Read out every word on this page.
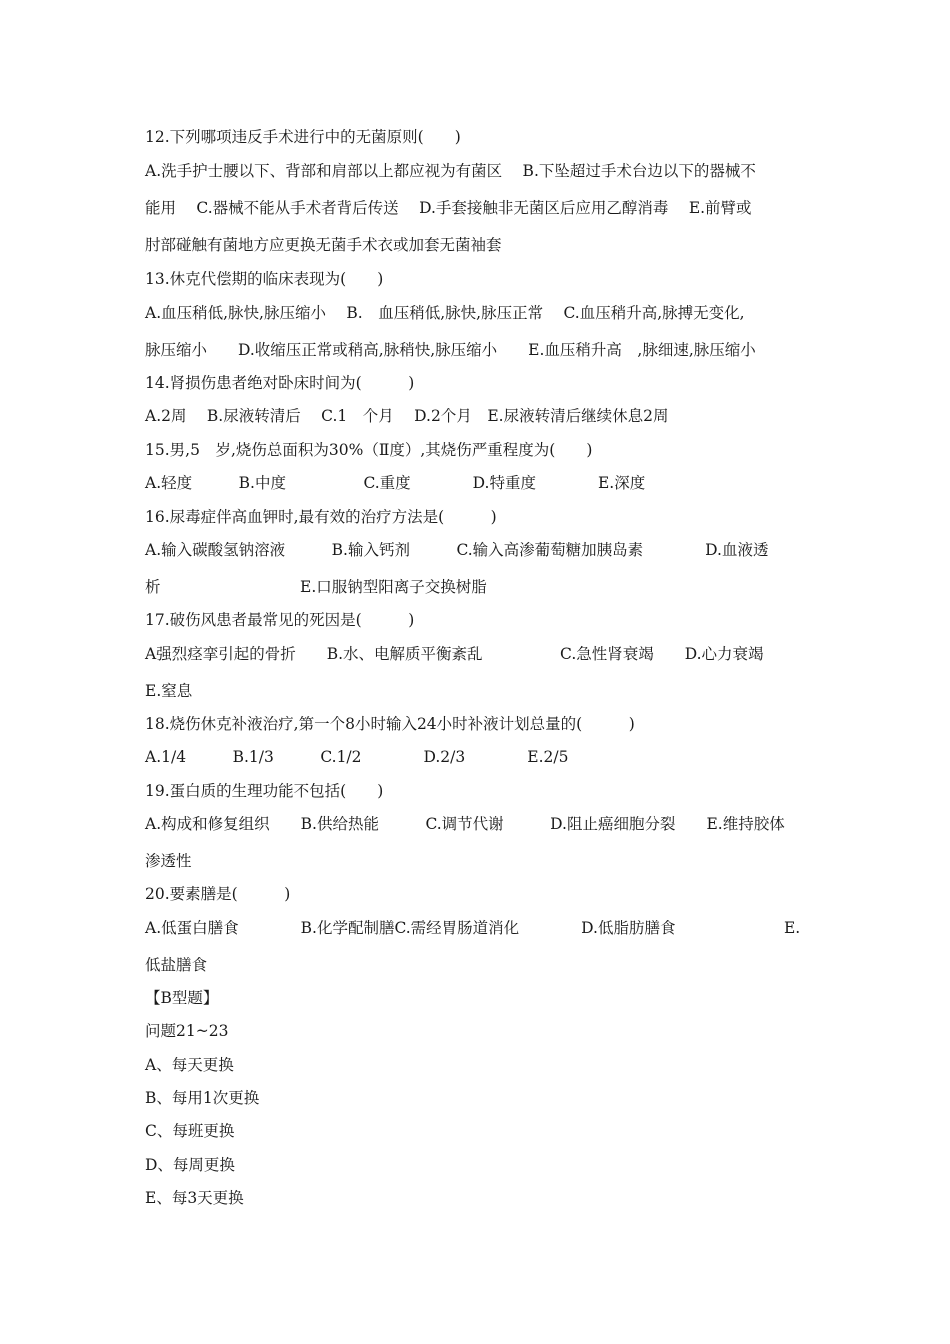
12.下列哪项违反手术进行中的无菌原则(　　)

A.洗手护士腰以下、背部和肩部以上都应视为有菌区　 B.下坠超过手术台边以下的器械不

能用　 C.器械不能从手术者背后传送　 D.手套接触非无菌区后应用乙醇消毒　 E.前臂或

肘部碰触有菌地方应更换无菌手术衣或加套无菌袖套

13.休克代偿期的临床表现为(　　)

A.血压稍低,脉快,脉压缩小　 B.　血压稍低,脉快,脉压正常　 C.血压稍升高,脉搏无变化,

脉压缩小　　D.收缩压正常或稍高,脉稍快,脉压缩小　　E.血压稍升高　,脉细速,脉压缩小

14.肾损伤患者绝对卧床时间为(　　　)

A.2周　 B.尿液转清后　 C.1　个月　 D.2个月　E.尿液转清后继续休息2周

15.男,5　岁,烧伤总面积为30%（Ⅱ度）,其烧伤严重程度为(　　)

A.轻度　　　B.中度　　　　　C.重度　　　　D.特重度　　　　E.深度

16.尿毒症伴高血钾时,最有效的治疗方法是(　　　)

A.输入碳酸氢钠溶液　　　B.输入钙剂　　　C.输入高渗葡萄糖加胰岛素　　　　D.血液透

析　　　　　　　　　E.口服钠型阳离子交换树脂

17.破伤风患者最常见的死因是(　　　)

A强烈痉挛引起的骨折　　B.水、电解质平衡紊乱　　　　　C.急性肾衰竭　　D.心力衰竭

E.窒息

18.烧伤休克补液治疗,第一个8小时输入24小时补液计划总量的(　　　)

A.1/4　　　B.1/3　　　C.1/2　　　　D.2/3　　　　E.2/5

19.蛋白质的生理功能不包括(　　)

A.构成和修复组织　　B.供给热能　　　C.调节代谢　　　D.阻止癌细胞分裂　　E.维持胶体

渗透性

20.要素膳是(　　　)

A.低蛋白膳食　　　　B.化学配制膳C.需经胃肠道消化　　　　D.低脂肪膳食　　　　　　　E.

低盐膳食

【B型题】

问题21~23

A、每天更换

B、每用1次更换

C、每班更换

D、每周更换

E、每3天更换
